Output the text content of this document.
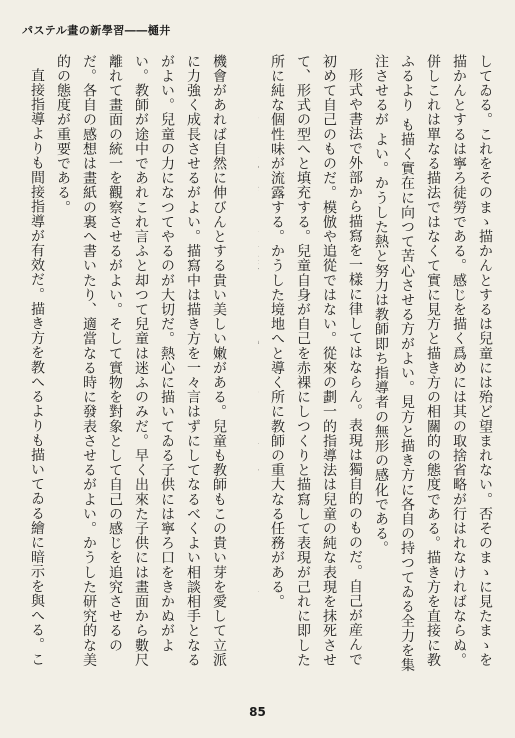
パステル畫の新學習――樋井

してゐる。これをそのまゝ描かんとするは兒童には殆ど望まれない。否そのまゝに見たまゝを描かんとするは寧ろ徒勞である。感じを描く爲めには其の取捨省略が行はれなければならぬ。併しこれは單なる描法ではなくて實に見方と描き方の相關的の態度である。描き方を直接に教ふるより も描く實在に向つて苦心させる方がよい。見方と描き方に各自の持つてゐる全力を集注させるが よい。かうした熱と努力は教師即ち指導者の無形の感化である。

形式や書法で外部から描寫を一樣に律してはならん。表現は獨自的のものだ。自己が産んで初めて自己のものだ。模倣や追從ではない。從來の劃一的指導法は兒童の純な表現を抹死させて、形式の型へと填充する。兒童自身が自己を赤裸にしつくりと描寫して表現が己れに即した所に純な個性味が流露する。かうした境地へと導く所に教師の重大なる任務がある。

機會があれば自然に伸びんとする貴い美しい嫩がある。兒童も教師もこの貴い芽を愛して立派に力強く成長させるがよい。描寫中は描き方を一々言はずにしてなるべくよい相談相手となるがよい。兒童の力になつてやるのが大切だ。熱心に描いてゐる子供には寧ろ口をきかぬがよい。教師が途中であれこれ言ふと却つて兒童は迷ふのみだ。早く出來た子供には畫面から數尺離れて畫面の統一を觀察させるがよい。そして實物を對象として自己の感じを追究させるのだ。各自の感想は畫紙の裏へ書いたり、適當なる時に發表させるがよい。かうした研究的な美的の態度が重要である。

直接指導よりも間接指導が有效だ。描き方を教へるよりも描いてゐる繪に暗示を與へる。こ

85
